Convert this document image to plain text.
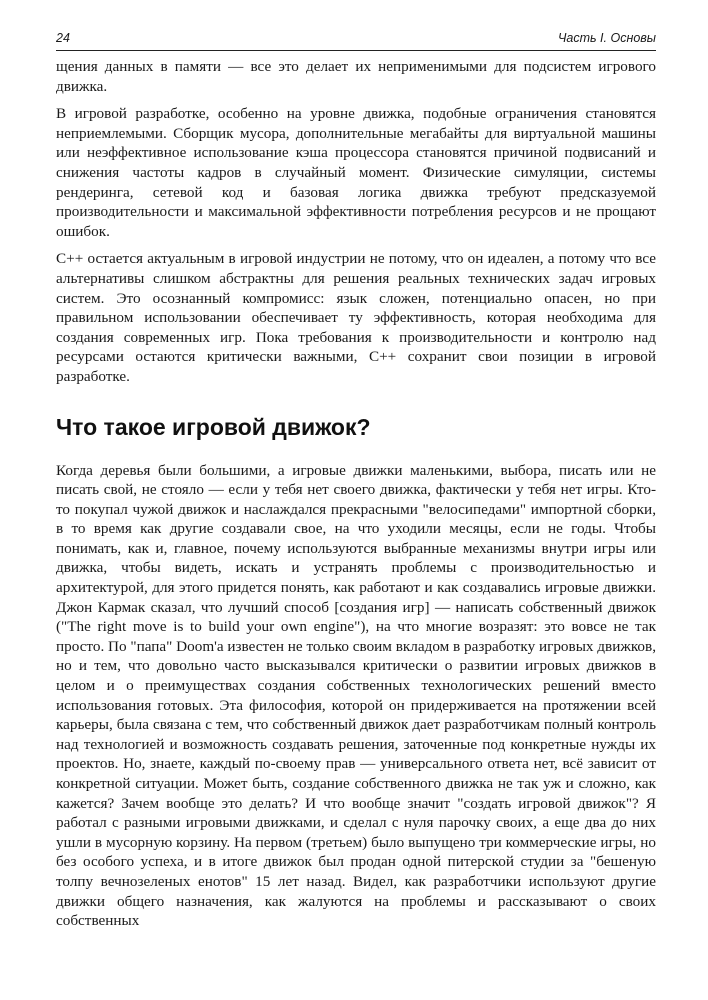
24	Часть I. Основы

щения данных в памяти — все это делает их неприменимыми для подсистем игрового движка.

В игровой разработке, особенно на уровне движка, подобные ограничения становятся неприемлемыми. Сборщик мусора, дополнительные мегабайты для виртуальной машины или неэффективное использование кэша процессора становятся причиной подвисаний и снижения частоты кадров в случайный момент. Физические симуляции, системы рендеринга, сетевой код и базовая логика движка требуют предсказуемой производительности и максимальной эффективности потребления ресурсов и не прощают ошибок.

С++ остается актуальным в игровой индустрии не потому, что он идеален, а потому что все альтернативы слишком абстрактны для решения реальных технических задач игровых систем. Это осознанный компромисс: язык сложен, потенциально опасен, но при правильном использовании обеспечивает ту эффективность, которая необходима для создания современных игр. Пока требования к производительности и контролю над ресурсами остаются критически важными, С++ сохранит свои позиции в игровой разработке.

Что такое игровой движок?

Когда деревья были большими, а игровые движки маленькими, выбора, писать или не писать свой, не стояло — если у тебя нет своего движка, фактически у тебя нет игры. Кто-то покупал чужой движок и наслаждался прекрасными "велосипедами" импортной сборки, в то время как другие создавали свое, на что уходили месяцы, если не годы. Чтобы понимать, как и, главное, почему используются выбранные механизмы внутри игры или движка, чтобы видеть, искать и устранять проблемы с производительностью и архитектурой, для этого придется понять, как работают и как создавались игровые движки. Джон Кармак сказал, что лучший способ [создания игр] — написать собственный движок ("The right move is to build your own engine"), на что многие возразят: это вовсе не так просто. По "папа" Doom'а известен не только своим вкладом в разработку игровых движков, но и тем, что довольно часто высказывался критически о развитии игровых движков в целом и о преимуществах создания собственных технологических решений вместо использования готовых. Эта философия, которой он придерживается на протяжении всей карьеры, была связана с тем, что собственный движок дает разработчикам полный контроль над технологией и возможность создавать решения, заточенные под конкретные нужды их проектов. Но, знаете, каждый по-своему прав — универсального ответа нет, всё зависит от конкретной ситуации. Может быть, создание собственного движка не так уж и сложно, как кажется? Зачем вообще это делать? И что вообще значит "создать игровой движок"? Я работал с разными игровыми движками, и сделал с нуля парочку своих, а еще два до них ушли в мусорную корзину. На первом (третьем) было выпущено три коммерческие игры, но без особого успеха, и в итоге движок был продан одной питерской студии за "бешеную толпу вечнозеленых енотов" 15 лет назад. Видел, как разработчики используют другие движки общего назначения, как жалуются на проблемы и рассказывают о своих собственных
